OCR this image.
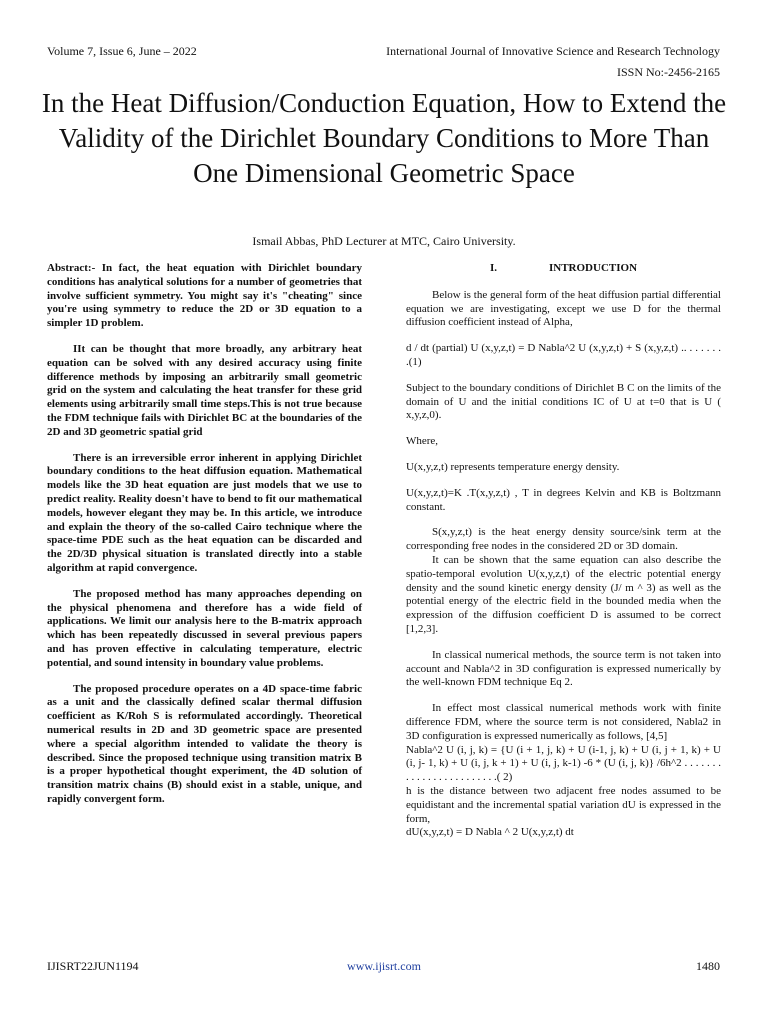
Volume 7, Issue 6, June – 2022	International Journal of Innovative Science and Research Technology
ISSN No:-2456-2165
In the Heat Diffusion/Conduction Equation, How to Extend the Validity of the Dirichlet Boundary Conditions to More Than One Dimensional Geometric Space
Ismail Abbas, PhD Lecturer at MTC, Cairo University.

Abstract:- In fact, the heat equation with Dirichlet boundary conditions has analytical solutions for a number of geometries that involve sufficient symmetry. You might say it's "cheating" since you're using symmetry to reduce the 2D or 3D equation to a simpler 1D problem.

IIt can be thought that more broadly, any arbitrary heat equation can be solved with any desired accuracy using finite difference methods by imposing an arbitrarily small geometric grid on the system and calculating the heat transfer for these grid elements using arbitrarily small time steps.This is not true because the FDM technique fails with Dirichlet BC at the boundaries of the 2D and 3D geometric spatial grid

There is an irreversible error inherent in applying Dirichlet boundary conditions to the heat diffusion equation. Mathematical models like the 3D heat equation are just models that we use to predict reality. Reality doesn't have to bend to fit our mathematical models, however elegant they may be. In this article, we introduce and explain the theory of the so-called Cairo technique where the space-time PDE such as the heat equation can be discarded and the 2D/3D physical situation is translated directly into a stable algorithm at rapid convergence.

The proposed method has many approaches depending on the physical phenomena and therefore has a wide field of applications. We limit our analysis here to the B-matrix approach which has been repeatedly discussed in several previous papers and has proven effective in calculating temperature, electric potential, and sound intensity in boundary value problems.

The proposed procedure operates on a 4D space-time fabric as a unit and the classically defined scalar thermal diffusion coefficient as K/Roh S is reformulated accordingly. Theoretical numerical results in 2D and 3D geometric space are presented where a special algorithm intended to validate the theory is described. Since the proposed technique using transition matrix B is a proper hypothetical thought experiment, the 4D solution of transition matrix chains (B) should exist in a stable, unique, and rapidly convergent form.

I.	INTRODUCTION

Below is the general form of the heat diffusion partial differential equation we are investigating, except we use D for the thermal diffusion coefficient instead of Alpha,

d / dt (partial) U (x,y,z,t) = D Nabla^2 U (x,y,z,t) + S (x,y,z,t) .. . . . . . . .(1)

Subject to the boundary conditions of Dirichlet B C on the limits of the domain of U and the initial conditions IC of U at t=0 that is U ( x,y,z,0).

Where,

U(x,y,z,t) represents temperature energy density.

U(x,y,z,t)=K .T(x,y,z,t) , T in degrees Kelvin and KB is Boltzmann constant.

S(x,y,z,t) is the heat energy density source/sink term at the corresponding free nodes in the considered 2D or 3D domain.

It can be shown that the same equation can also describe the spatio-temporal evolution U(x,y,z,t) of the electric potential energy density and the sound kinetic energy density (J/ m ^ 3) as well as the potential energy of the electric field in the bounded media when the expression of the diffusion coefficient D is assumed to be correct [1,2,3].

In classical numerical methods, the source term is not taken into account and Nabla^2 in 3D configuration is expressed numerically by the well-known FDM technique Eq 2.

In effect most classical numerical methods work with finite difference FDM, where the source term is not considered, Nabla2 in 3D configuration is expressed numerically as follows, [4,5]

Nabla^2 U (i, j, k) = {U (i + 1, j, k) + U (i-1, j, k) + U (i, j + 1, k) + U (i, j- 1, k) + U (i, j, k + 1) + U (i, j, k-1) -6 * (U (i, j, k)} /6h^2 . . . . . . . . . . . . . . . . . . . . . . . .( 2)

h is the distance between two adjacent free nodes assumed to be equidistant and the incremental spatial variation dU is expressed in the form,

dU(x,y,z,t) = D Nabla ^ 2 U(x,y,z,t) dt

IJISRT22JUN1194	www.ijisrt.com	1480
